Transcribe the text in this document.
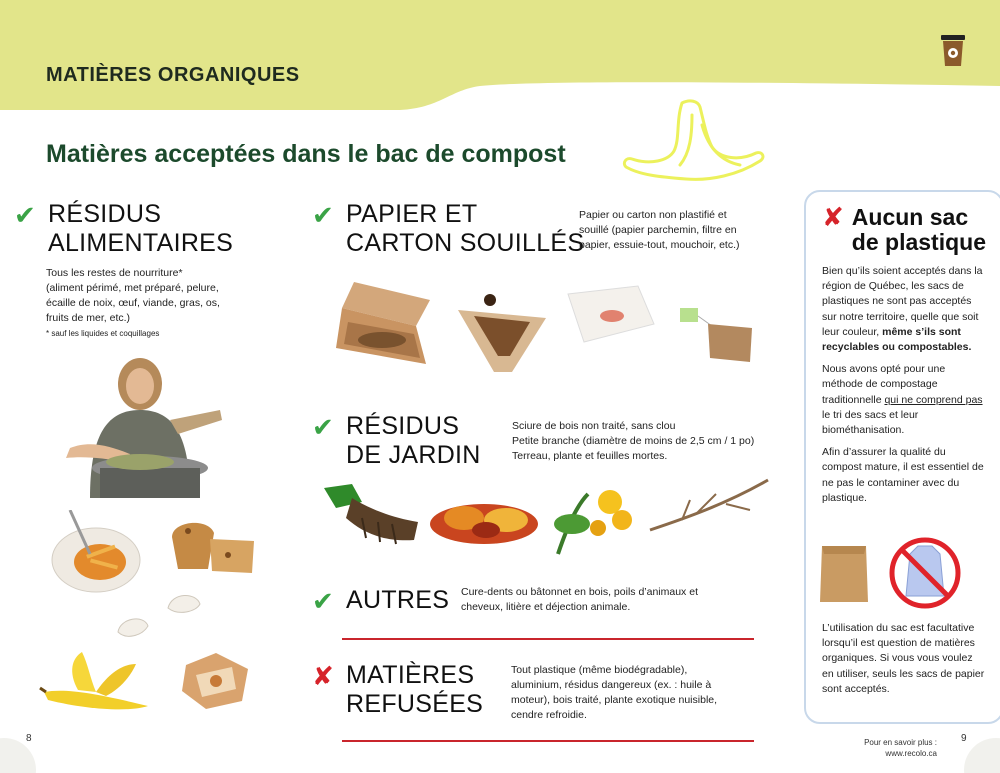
MATIÈRES ORGANIQUES
Matières acceptées dans le bac de compost
✔ RÉSIDUS
ALIMENTAIRES
Tous les restes de nourriture*
(aliment périmé, met préparé, pelure,
écaille de noix, œuf, viande, gras, os,
fruits de mer, etc.)
* sauf les liquides et coquillages
✔ PAPIER ET
CARTON SOUILLÉS
Papier ou carton non plastifié et
souillé (papier parchemin, filtre en
papier, essuie-tout, mouchoir, etc.)
✔ RÉSIDUS
DE JARDIN
Sciure de bois non traité, sans clou
Petite branche (diamètre de moins de 2,5 cm / 1 po)
Terreau, plante et feuilles mortes.
✔ AUTRES Cure-dents ou bâtonnet en bois, poils d’animaux et
cheveux, litière et déjection animale.
✘ MATIÈRES
REFUSÉES
Tout plastique (même biodégradable),
aluminium, résidus dangereux (ex. : huile à
moteur), bois traité, plante exotique nuisible,
cendre refroidie.
✘ Aucun sac
de plastique

Bien qu’ils soient acceptés dans la région de Québec, les sacs de plastiques ne sont pas acceptés sur notre territoire, quelle que soit leur couleur, même s’ils sont recyclables ou compostables.

Nous avons opté pour une méthode de compostage traditionnelle qui ne comprend pas le tri des sacs et leur biométhanisation.

Afin d’assurer la qualité du compost mature, il est essentiel de ne pas le contaminer avec du plastique.

L’utilisation du sac est facultative lorsqu’il est question de matières organiques. Si vous vous voulez en utiliser, seuls les sacs de papier sont acceptés.
8	9
Pour en savoir plus :
www.recolo.ca
